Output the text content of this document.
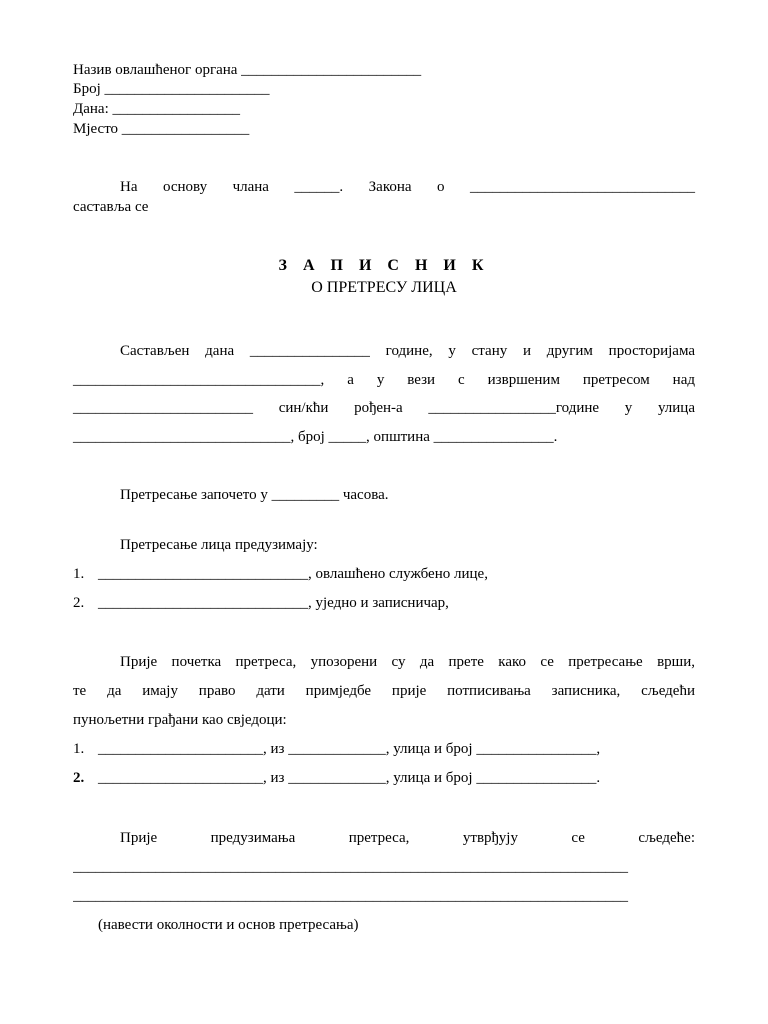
Назив овлашћеног органа ________________________
Број ______________________
Дана: _________________
Мјесто _________________
На основу члана ______. Закона о ______________________________
саставља се
З А П И С Н И К
О ПРЕТРЕСУ ЛИЦА
Састављен дана ________________ године, у стану и другим просторијама
_________________________________, а у вези с извршеним претресом над
________________________ син/кћи рођен-а _________________године у улица
_____________________________, број _____, општина ________________.
Претресање започето у _________ часова.
Претресање лица предузимају:
1. ____________________________, овлашћено службено лице,
2. ____________________________, уједно и записничар,
Прије почетка претреса, упозорени су да прете како се претресање врши,
те да имају право дати примједбе прије потписивања записника, сљедећи
пунољетни грађани као свједоци:
1. ______________________, из _____________, улица и број ________________,
2. ______________________, из _____________, улица и број ________________.
Прије предузимања претреса, утврђују се сљедеће:
__________________________________________________________________________
__________________________________________________________________________
(навести околности и основ претресања)
